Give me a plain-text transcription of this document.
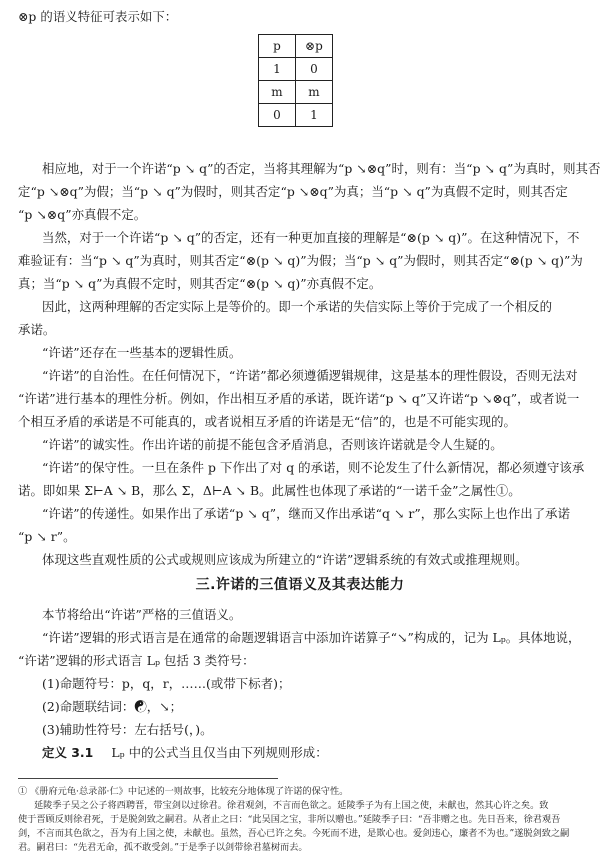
⊗p 的语义特征可表示如下：
p	⊗p
1	0
m	m
0	1
相应地，对于一个许诺“p ↘ q”的否定，当将其理解为“p ↘⊗q”时，则有：当“p ↘ q”为真时，则其否
定“p ↘⊗q”为假；当“p ↘ q”为假时，则其否定“p ↘⊗q”为真；当“p ↘ q”为真假不定时，则其否定
“p ↘⊗q”亦真假不定。
当然，对于一个许诺“p ↘ q”的否定，还有一种更加直接的理解是“⊗(p ↘ q)”。在这种情况下，不
难验证有：当“p ↘ q”为真时，则其否定“⊗(p ↘ q)”为假；当“p ↘ q”为假时，则其否定“⊗(p ↘ q)”为
真；当“p ↘ q”为真假不定时，则其否定“⊗(p ↘ q)”亦真假不定。
因此，这两种理解的否定实际上是等价的。即一个承诺的失信实际上等价于完成了一个相反的
承诺。
“许诺”还存在一些基本的逻辑性质。
“许诺”的自治性。在任何情况下，“许诺”都必须遵循逻辑规律，这是基本的理性假设，否则无法对
“许诺”进行基本的理性分析。例如，作出相互矛盾的承诺，既许诺“p ↘ q”又许诺“p ↘⊗q”，或者说一
个相互矛盾的承诺是不可能真的，或者说相互矛盾的许诺是无“信”的，也是不可能实现的。
“许诺”的诚实性。作出许诺的前提不能包含矛盾消息，否则该许诺就是令人生疑的。
“许诺”的保守性。一旦在条件 p 下作出了对 q 的承诺，则不论发生了什么新情况，都必须遵守该承
诺。即如果 Σ⊢A ↘ B，那么 Σ，Δ⊢A ↘ B。此属性也体现了承诺的“一诺千金”之属性①。
“许诺”的传递性。如果作出了承诺“p ↘ q”，继而又作出承诺“q ↘ r”，那么实际上也作出了承诺
“p ↘ r”。
体现这些直观性质的公式或规则应该成为所建立的“许诺”逻辑系统的有效式或推理规则。
三.许诺的三值语义及其表达能力
本节将给出“许诺”严格的三值语义。
“许诺”逻辑的形式语言是在通常的命题逻辑语言中添加许诺算子“↘”构成的，记为 Lₚ。具体地说，
“许诺”逻辑的形式语言 Lₚ 包括 3 类符号：
(1)命题符号：p，q，r，……(或带下标者)；
(2)命题联结词：☯，↘；
(3)辅助性符号：左右括号(，)。
定义 3.1 Lₚ 中的公式当且仅当由下列规则形成：
① 《册府元龟·总录部·仁》中记述的一则故事，比较充分地体现了许诺的保守性。
延陵季子吴之公子将西聘晋，带宝剑以过徐君。徐君观剑，不言而色欲之。延陵季子为有上国之使，未献也，然其心许之矣。致
使于晋顾反则徐君死，于是脱剑致之嗣君。从者止之曰：“此吴国之宝，非所以赠也。”延陵季子曰：“吾非赠之也。先日吾来，徐君观吾
剑，不言而其色欲之，吾为有上国之使，未献也。虽然，吾心已许之矣。今死而不进，是欺心也。爱剑违心，廉者不为也。”遂脱剑致之嗣
君。嗣君曰：“先君无命，孤不敢受剑。”于是季子以剑带徐君墓树而去。
